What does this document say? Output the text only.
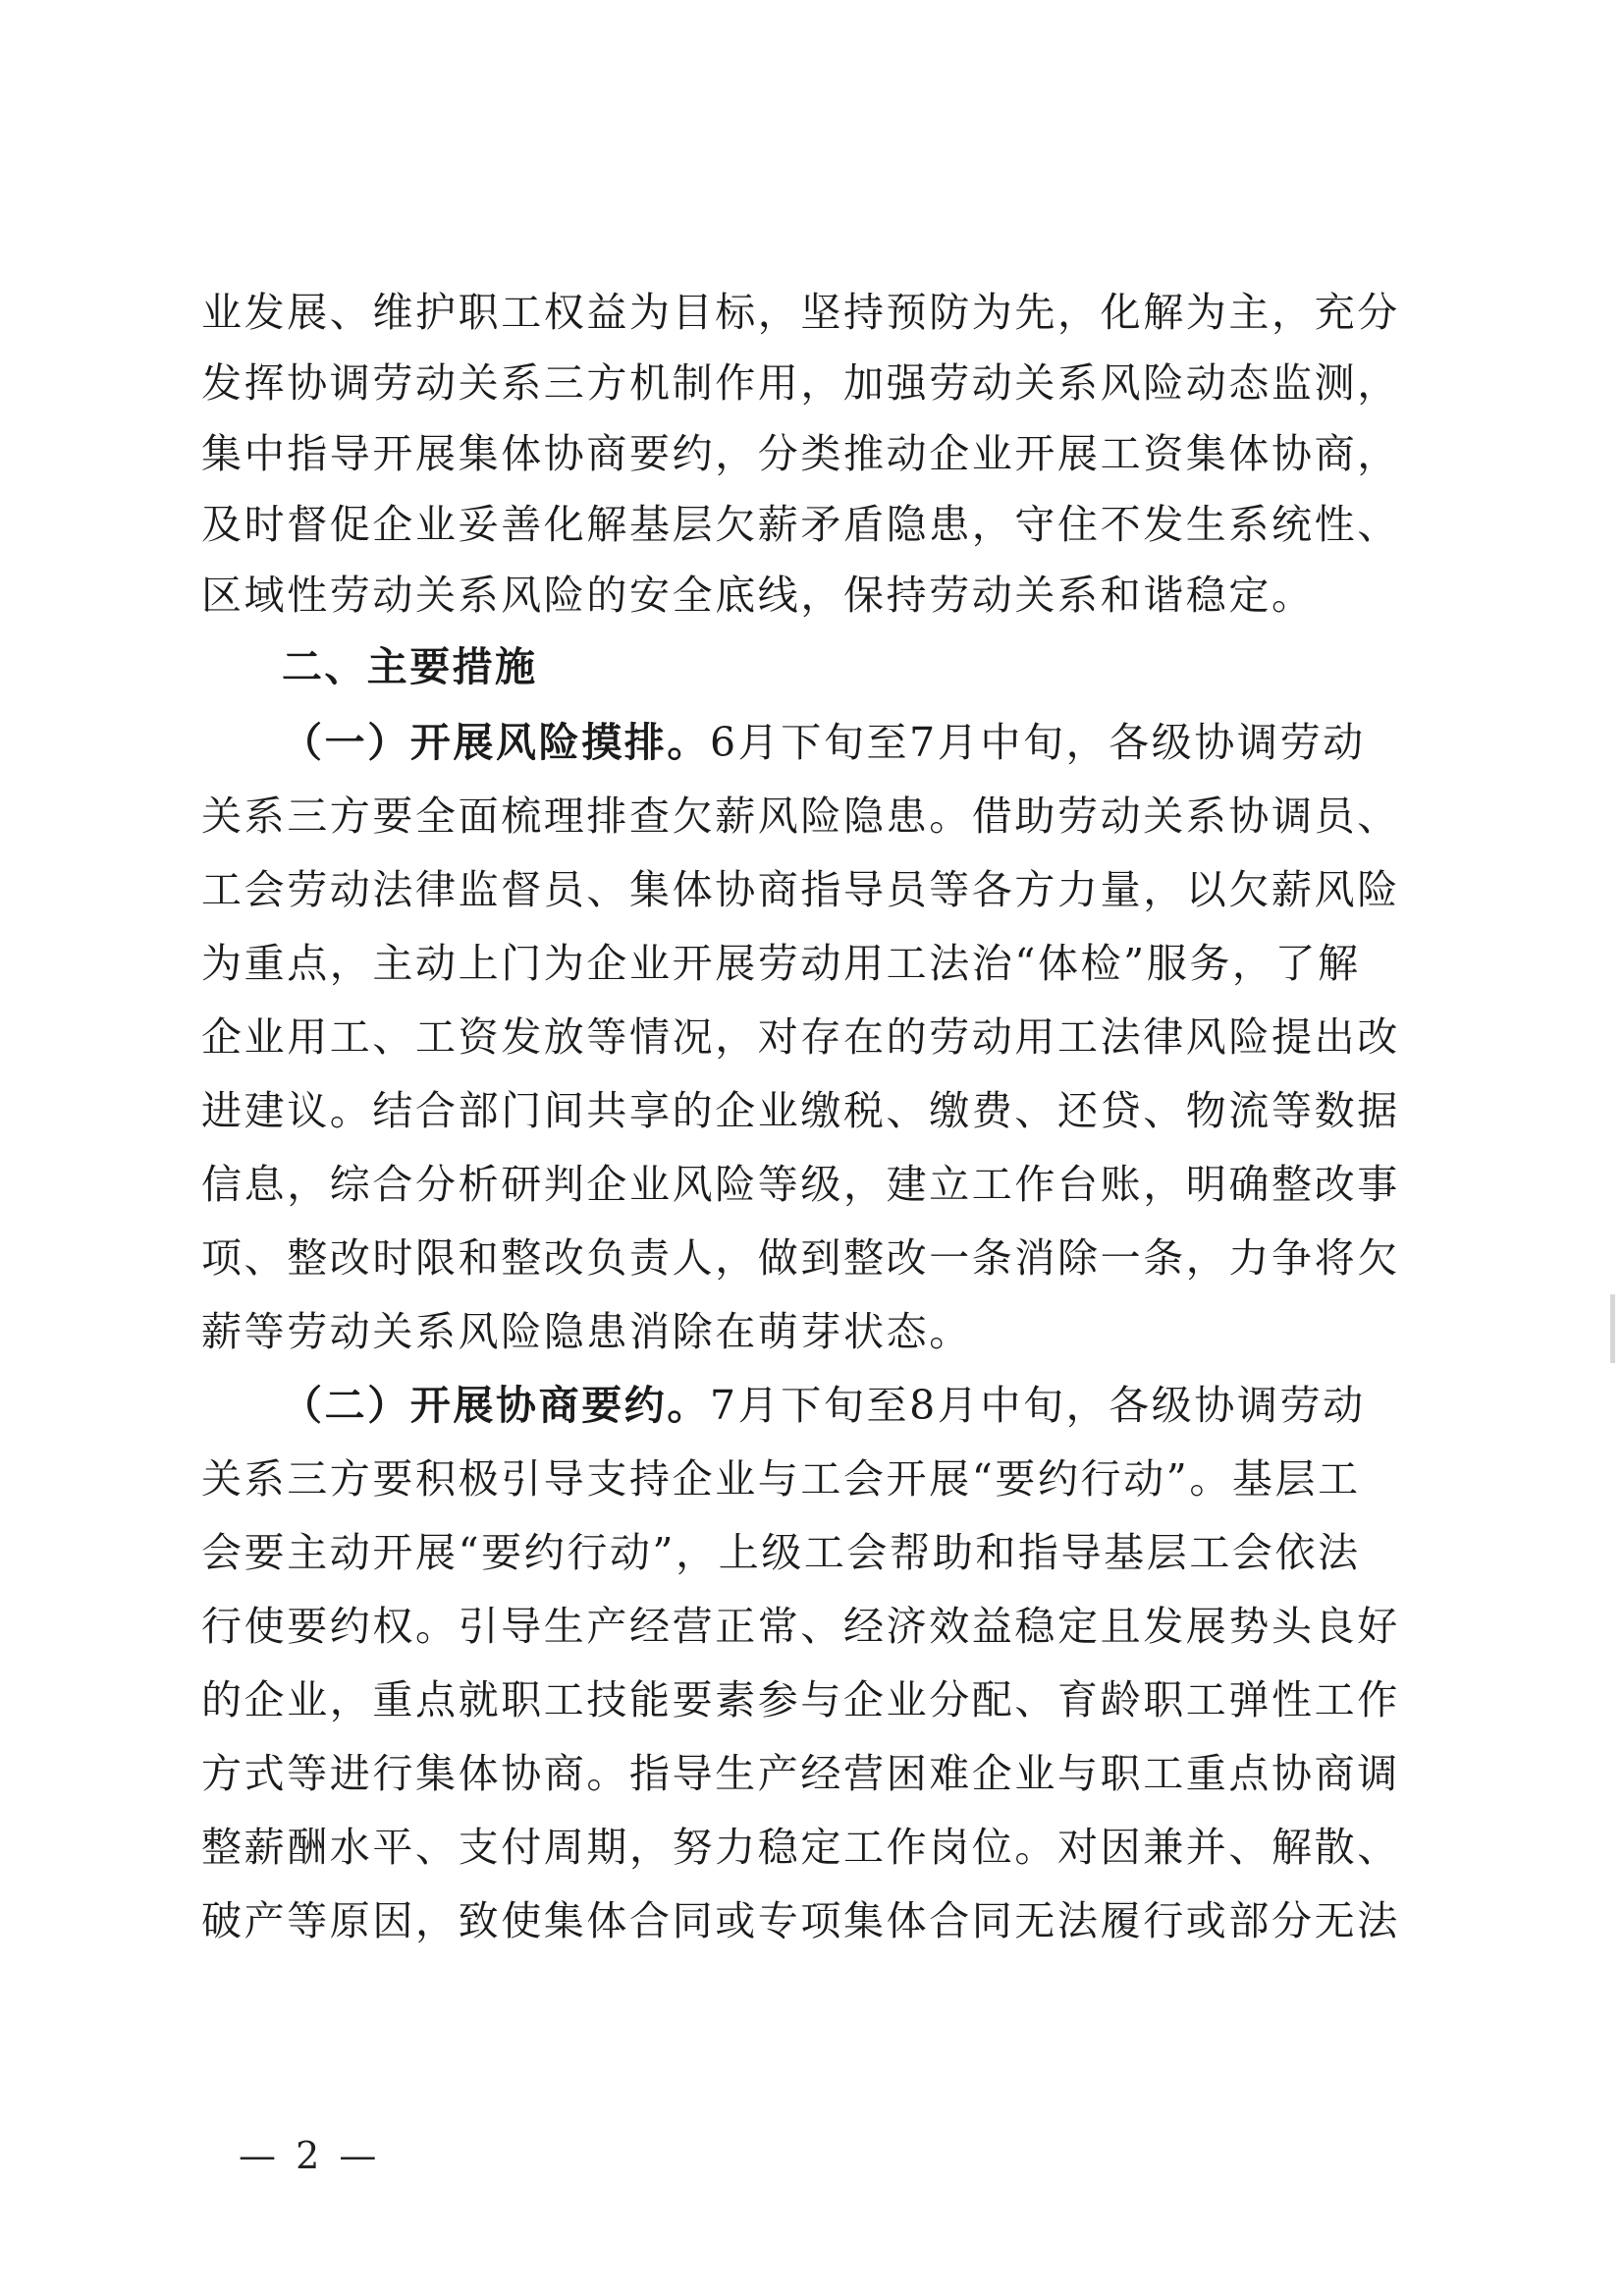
业发展、维护职工权益为目标，坚持预防为先，化解为主，充分
发挥协调劳动关系三方机制作用，加强劳动关系风险动态监测，
集中指导开展集体协商要约，分类推动企业开展工资集体协商，
及时督促企业妥善化解基层欠薪矛盾隐患，守住不发生系统性、
区域性劳动关系风险的安全底线，保持劳动关系和谐稳定。
二、主要措施
（一）开展风险摸排。6月下旬至7月中旬，各级协调劳动
关系三方要全面梳理排查欠薪风险隐患。借助劳动关系协调员、
工会劳动法律监督员、集体协商指导员等各方力量，以欠薪风险
为重点，主动上门为企业开展劳动用工法治“体检”服务，了解
企业用工、工资发放等情况，对存在的劳动用工法律风险提出改
进建议。结合部门间共享的企业缴税、缴费、还贷、物流等数据
信息，综合分析研判企业风险等级，建立工作台账，明确整改事
项、整改时限和整改负责人，做到整改一条消除一条，力争将欠
薪等劳动关系风险隐患消除在萌芽状态。
（二）开展协商要约。7月下旬至8月中旬，各级协调劳动
关系三方要积极引导支持企业与工会开展“要约行动”。基层工
会要主动开展“要约行动”，上级工会帮助和指导基层工会依法
行使要约权。引导生产经营正常、经济效益稳定且发展势头良好
的企业，重点就职工技能要素参与企业分配、育龄职工弹性工作
方式等进行集体协商。指导生产经营困难企业与职工重点协商调
整薪酬水平、支付周期，努力稳定工作岗位。对因兼并、解散、
破产等原因，致使集体合同或专项集体合同无法履行或部分无法
— 2 —
